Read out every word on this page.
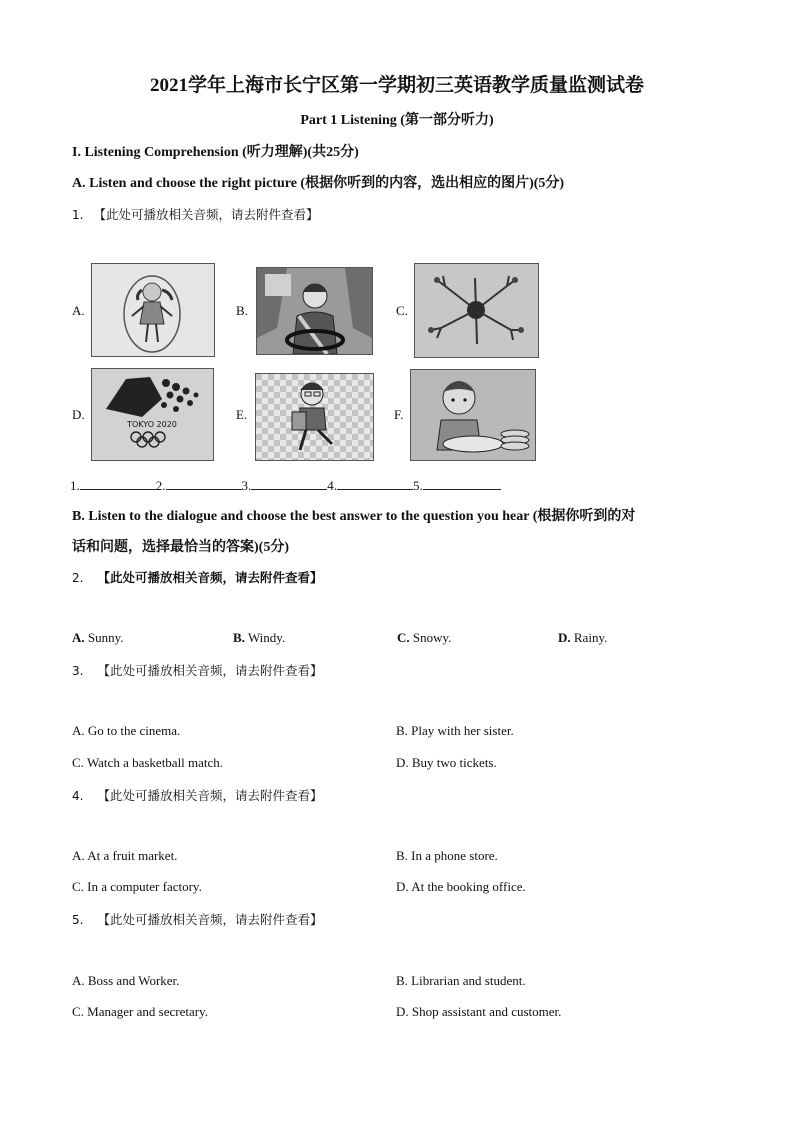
2021学年上海市长宁区第一学期初三英语教学质量监测试卷
Part 1 Listening (第一部分听力)
I. Listening Comprehension (听力理解)(共25分)
A. Listen and choose the right picture (根据你听到的内容，选出相应的图片)(5分)
1. 【此处可播放相关音频，请去附件查看】
A.	B.	C.
D.
TOKYO 2020
E.	F.
1.	2.	3.	4.	5.
B. Listen to the dialogue and choose the best answer to the question you hear (根据你听到的对
话和问题，选择最恰当的答案)(5分)
2. 【此处可播放相关音频，请去附件查看】
A. Sunny.	B. Windy.	C. Snowy.	D. Rainy.
3. 【此处可播放相关音频，请去附件查看】
A. Go to the cinema.	B. Play with her sister.
C. Watch a basketball match.	D. Buy two tickets.
4. 【此处可播放相关音频，请去附件查看】
A. At a fruit market.	B. In a phone store.
C. In a computer factory.	D. At the booking office.
5. 【此处可播放相关音频，请去附件查看】
A. Boss and Worker.	B. Librarian and student.
C. Manager and secretary.	D. Shop assistant and customer.
